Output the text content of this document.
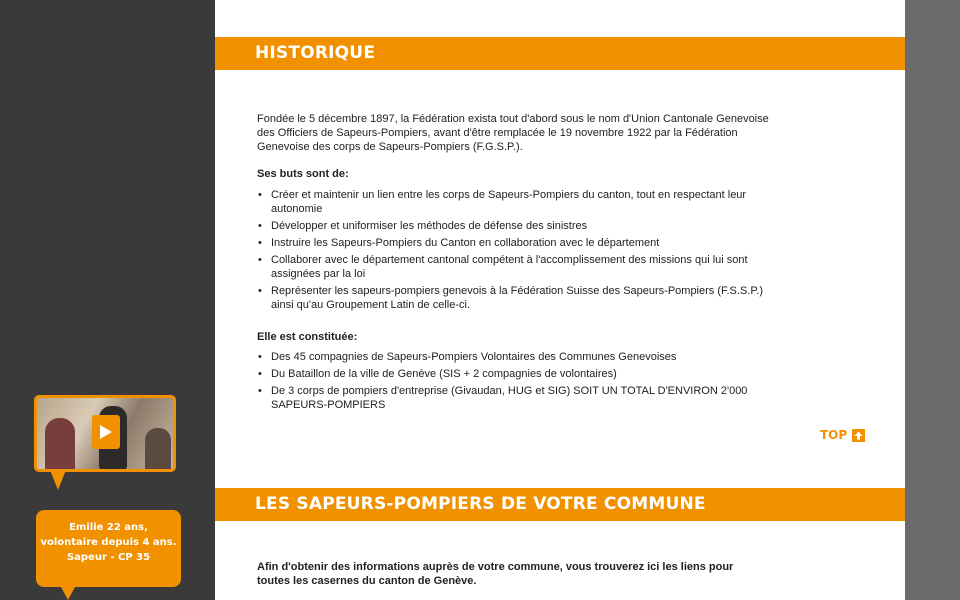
HISTORIQUE
Fondée le 5 décembre 1897, la Fédération exista tout d'abord sous le nom d'Union Cantonale Genevoise des Officiers de Sapeurs-Pompiers, avant d'être remplacée le 19 novembre 1922 par la Fédération Genevoise des corps de Sapeurs-Pompiers (F.G.S.P.).
Ses buts sont de:
• Créer et maintenir un lien entre les corps de Sapeurs-Pompiers du canton, tout en respectant leur autonomie
• Développer et uniformiser les méthodes de défense des sinistres
• Instruire les Sapeurs-Pompiers du Canton en collaboration avec le département
• Collaborer avec le département cantonal compétent à l'accomplissement des missions qui lui sont assignées par la loi
• Représenter les sapeurs-pompiers genevois à la Fédération Suisse des Sapeurs-Pompiers (F.S.S.P.) ainsi qu'au Groupement Latin de celle-ci.
Elle est constituée:
• Des 45 compagnies de Sapeurs-Pompiers Volontaires des Communes Genevoises
• Du Bataillon de la ville de Genève (SIS + 2 compagnies de volontaires)
• De 3 corps de pompiers d'entreprise (Givaudan, HUG et SIG) SOIT UN TOTAL D'ENVIRON 2'000 SAPEURS-POMPIERS
TOP
LES SAPEURS-POMPIERS DE VOTRE COMMUNE
Afin d'obtenir des informations auprès de votre commune, vous trouverez ici les liens pour toutes les casernes du canton de Genève.
Emilie 22 ans,
volontaire depuis 4 ans.
Sapeur - CP 35
